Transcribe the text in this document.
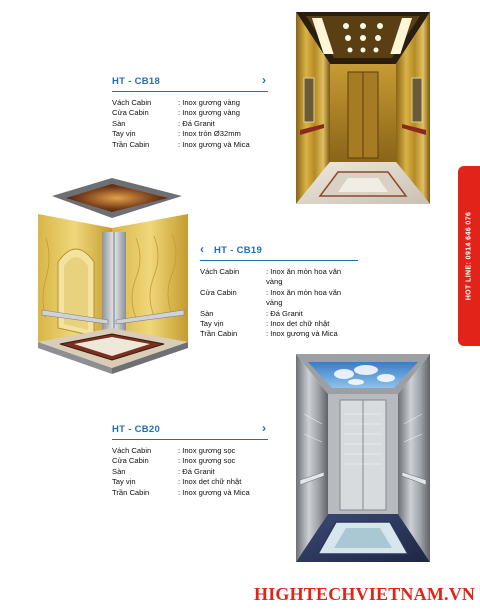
HT - CB18	›
Vách Cabin	: Inox gương vàng
Cửa Cabin	: Inox gương vàng
Sàn	: Đá Granit
Tay vịn	: Inox tròn Ø32mm
Trần Cabin	: Inox gương và Mica
‹	HT - CB19
Vách Cabin	: Inox ăn mòn hoa văn vàng
Cửa Cabin	: Inox ăn mòn hoa văn vàng
Sàn	: Đá Granit
Tay vịn	: Inox dẹt chữ nhật
Trần Cabin	: Inox gương và Mica
HT - CB20	›
Vách Cabin	: Inox gương sọc
Cửa Cabin	: Inox gương sọc
Sàn	: Đá Granit
Tay vịn	: Inox dẹt chữ nhật
Trần Cabin	: Inox gương và Mica
HOT LINE: 0914 646 076
HIGHTECHVIETNAM.VN
